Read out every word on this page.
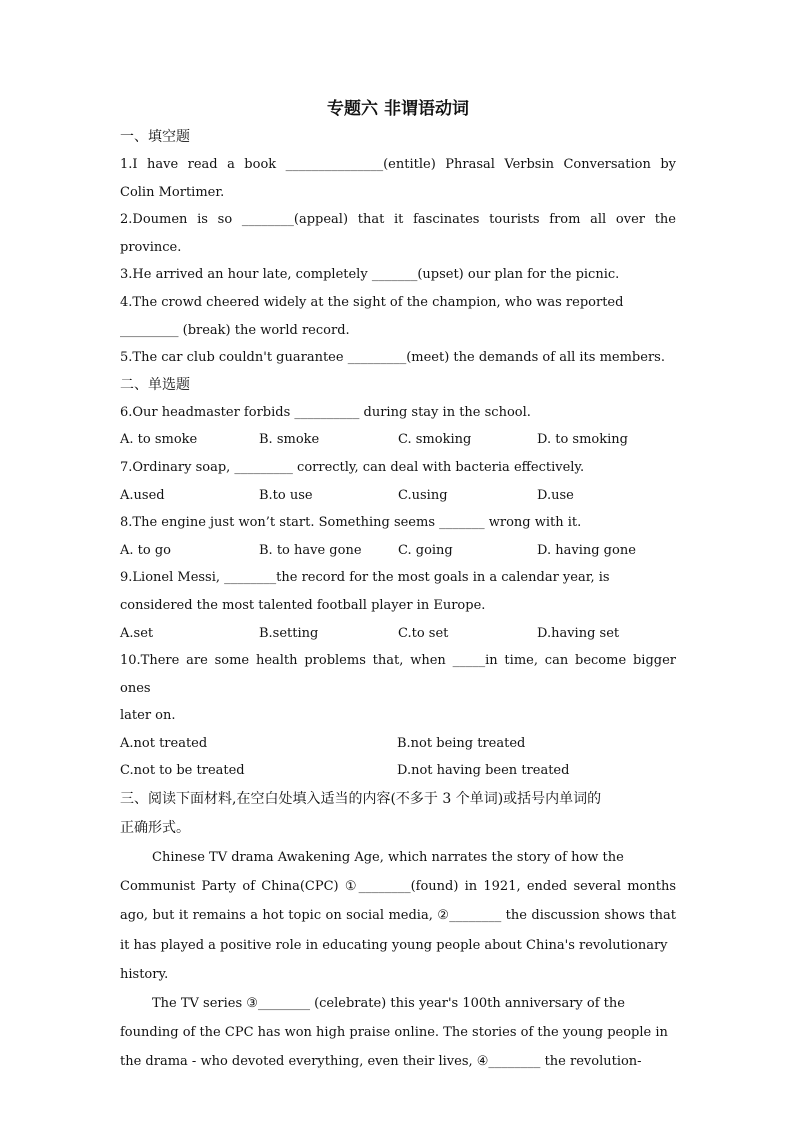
专题六 非谓语动词
一、填空题
1.I have read a book _______________(entitle) Phrasal Verbsin Conversation by
Colin Mortimer.
2.Doumen is so ________(appeal) that it fascinates tourists from all over the province.
3.He arrived an hour late, completely _______(upset) our plan for the picnic.
4.The crowd cheered widely at the sight of the champion, who was reported
_________ (break) the world record.
5.The car club couldn't guarantee _________(meet) the demands of all its members.
二、单选题
6.Our headmaster forbids __________ during stay in the school.
A. to smoke	B. smoke	C. smoking	D. to smoking
7.Ordinary soap, _________ correctly, can deal with bacteria effectively.
A.used	B.to use	C.using	D.use
8.The engine just won’t start. Something seems _______ wrong with it.
A. to go	B. to have gone	C. going	D. having gone
9.Lionel Messi, ________the record for the most goals in a calendar year, is
considered the most talented football player in Europe.
A.set	B.setting	C.to set	D.having set
10.There are some health problems that, when _____in time, can become bigger ones
later on.
A.not treated	B.not being treated
C.not to be treated	D.not having been treated
三、阅读下面材料,在空白处填入适当的内容(不多于 3 个单词)或括号内单词的
正确形式。
Chinese TV drama Awakening Age, which narrates the story of how the
Communist Party of China(CPC) ①________(found) in 1921, ended several months
ago, but it remains a hot topic on social media, ②________ the discussion shows that
it has played a positive role in educating young people about China's revolutionary
history.
The TV series ③________ (celebrate) this year's 100th anniversary of the
founding of the CPC has won high praise online. The stories of the young people in
the drama - who devoted everything, even their lives, ④________ the revolution-
